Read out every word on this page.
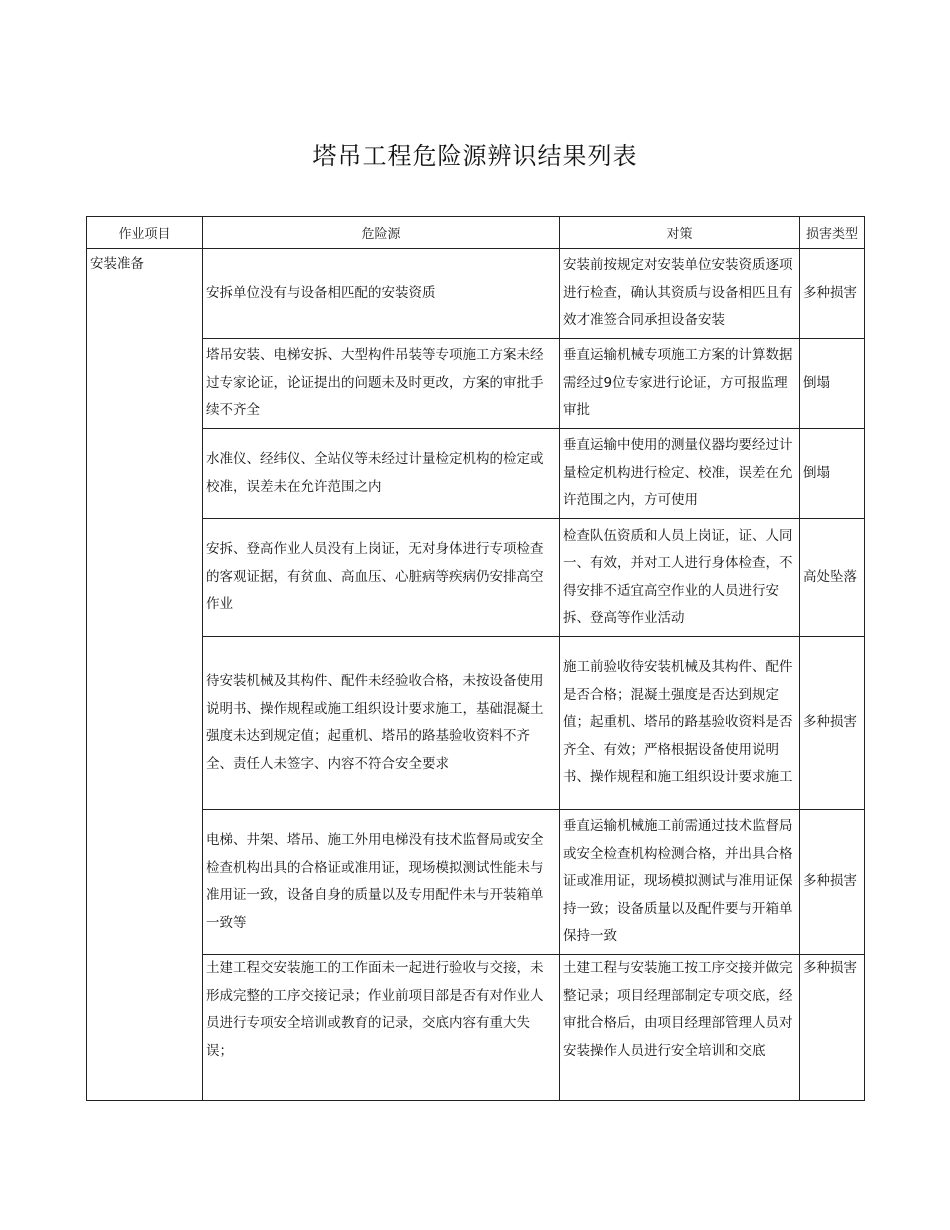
塔吊工程危险源辨识结果列表
作业项目	危险源	对策	损害类型
安装准备	安拆单位没有与设备相匹配的安装资质	安装前按规定对安装单位安装资质逐项进行检查，确认其资质与设备相匹且有效才准签合同承担设备安装	多种损害
	塔吊安装、电梯安拆、大型构件吊装等专项施工方案未经过专家论证，论证提出的问题未及时更改，方案的审批手续不齐全	垂直运输机械专项施工方案的计算数据需经过9位专家进行论证，方可报监理审批	倒塌
	水准仪、经纬仪、全站仪等未经过计量检定机构的检定或校准，误差未在允许范围之内	垂直运输中使用的测量仪器均要经过计量检定机构进行检定、校准，误差在允许范围之内，方可使用	倒塌
	安拆、登高作业人员没有上岗证，无对身体进行专项检查的客观证据，有贫血、高血压、心脏病等疾病仍安排高空作业	检查队伍资质和人员上岗证，证、人同一、有效，并对工人进行身体检查，不得安排不适宜高空作业的人员进行安拆、登高等作业活动	高处坠落
	待安装机械及其构件、配件未经验收合格，未按设备使用说明书、操作规程或施工组织设计要求施工，基础混凝土强度未达到规定值；起重机、塔吊的路基验收资料不齐全、责任人未签字、内容不符合安全要求	施工前验收待安装机械及其构件、配件是否合格；混凝土强度是否达到规定值；起重机、塔吊的路基验收资料是否齐全、有效；严格根据设备使用说明书、操作规程和施工组织设计要求施工	多种损害
	电梯、井架、塔吊、施工外用电梯没有技术监督局或安全检查机构出具的合格证或准用证，现场模拟测试性能未与准用证一致，设备自身的质量以及专用配件未与开装箱单一致等	垂直运输机械施工前需通过技术监督局或安全检查机构检测合格，并出具合格证或准用证，现场模拟测试与准用证保持一致；设备质量以及配件要与开箱单保持一致	多种损害
	土建工程交安装施工的工作面未一起进行验收与交接，未形成完整的工序交接记录；作业前项目部是否有对作业人员进行专项安全培训或教育的记录，交底内容有重大失误；	土建工程与安装施工按工序交接并做完整记录；项目经理部制定专项交底，经审批合格后，由项目经理部管理人员对安装操作人员进行安全培训和交底	多种损害
